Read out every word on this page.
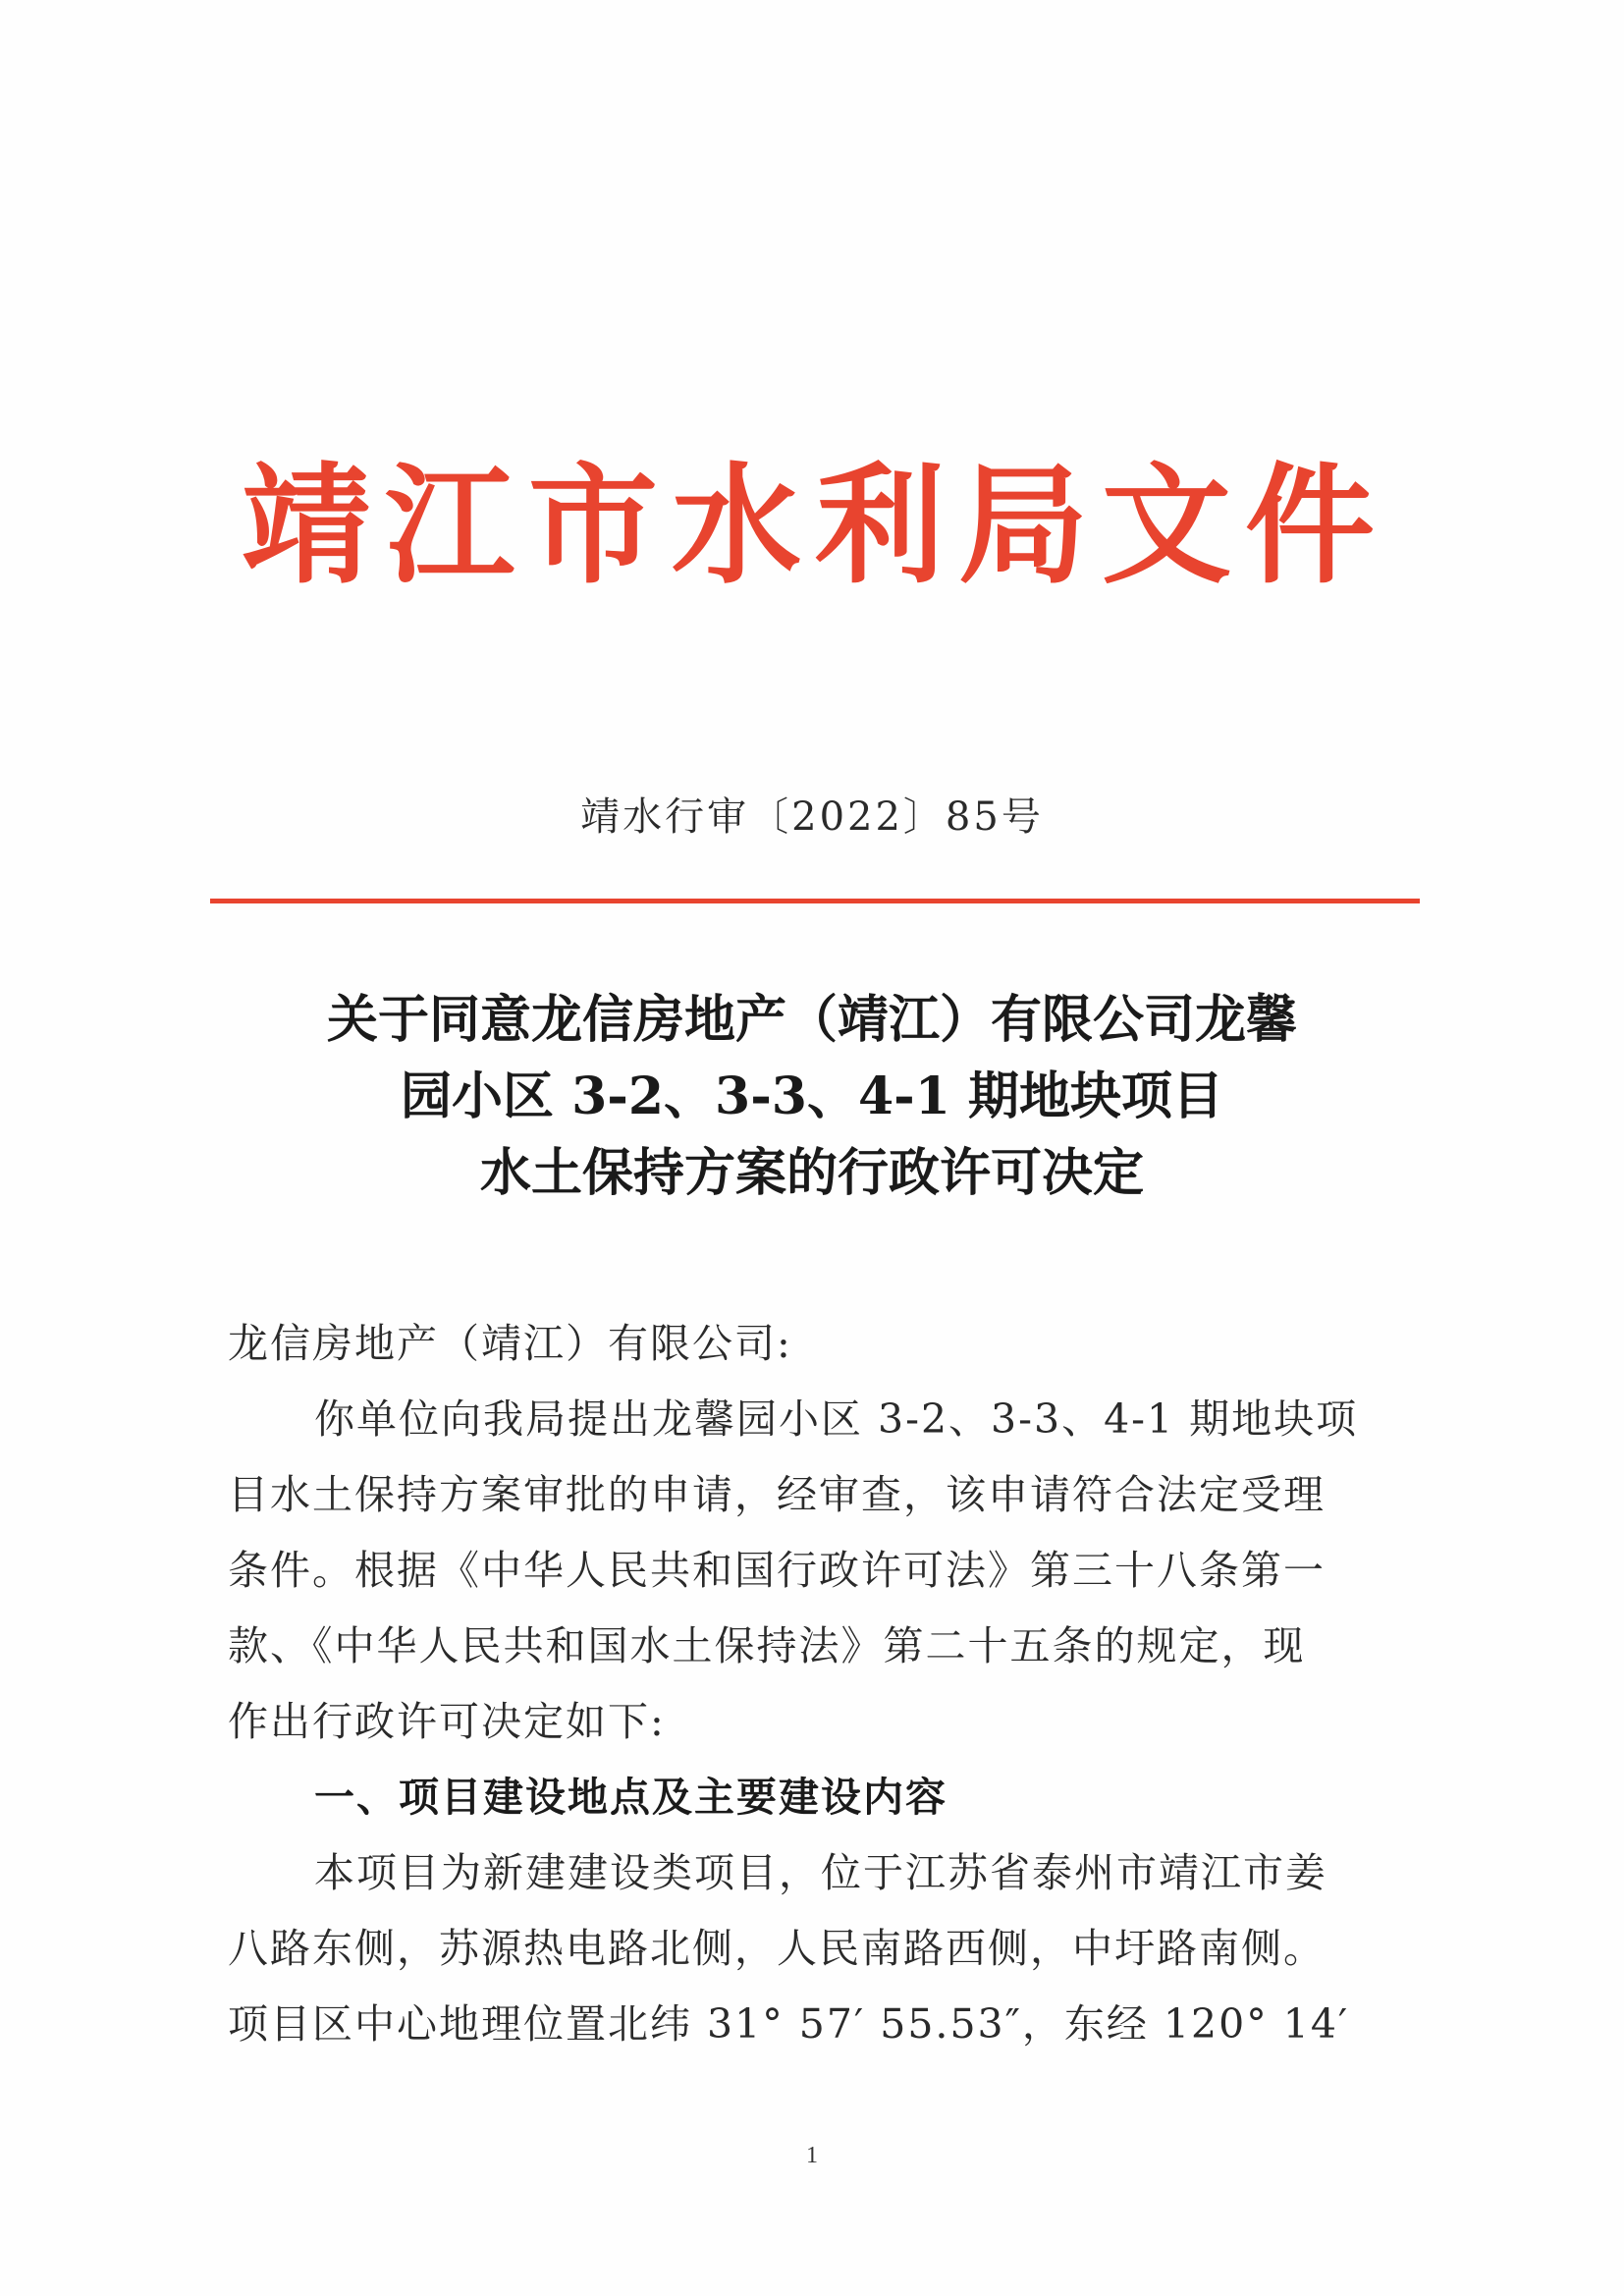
靖江市水利局文件
靖水行审〔2022〕85号
关于同意龙信房地产（靖江）有限公司龙馨
园小区 3-2、3-3、4-1 期地块项目
水土保持方案的行政许可决定
龙信房地产（靖江）有限公司:
你单位向我局提出龙馨园小区 3-2、3-3、4-1 期地块项
目水土保持方案审批的申请，经审查，该申请符合法定受理
条件。根据《中华人民共和国行政许可法》第三十八条第一
款、《中华人民共和国水土保持法》第二十五条的规定，现
作出行政许可决定如下:
一、项目建设地点及主要建设内容
本项目为新建建设类项目，位于江苏省泰州市靖江市姜
八路东侧，苏源热电路北侧，人民南路西侧，中圩路南侧。
项目区中心地理位置北纬 31° 57′ 55.53″，东经 120° 14′
1
